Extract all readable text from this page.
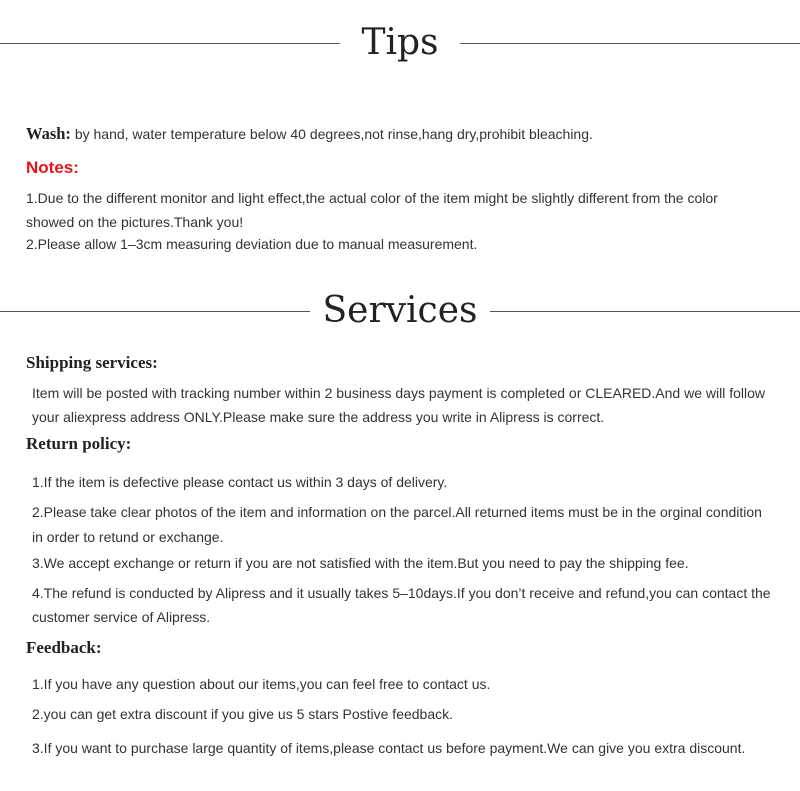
Tips
Wash: by hand, water temperature below 40 degrees,not rinse,hang dry,prohibit bleaching.
Notes:
1.Due to the different monitor and light effect,the actual color of the item might be slightly different from the color
showed on the pictures.Thank you!
2.Please allow 1–3cm measuring deviation due to manual measurement.
Services
Shipping services:
Item will be posted with tracking number within 2 business days payment is completed or CLEARED.And we will follow
your aliexpress address ONLY.Please make sure the address you write in Alipress is correct.
Return policy:
1.If the item is defective please contact us within 3 days of delivery.
2.Please take clear photos of the item and information on the parcel.All returned items must be in the orginal condition
in order to retund or exchange.
3.We accept exchange or return if you are not satisfied with the item.But you need to pay the shipping fee.
4.The refund is conducted by Alipress and it usually takes 5–10days.If you don’t receive and refund,you can contact the
customer service of Alipress.
Feedback:
1.If you have any question about our items,you can feel free to contact us.
2.you can get extra discount if you give us 5 stars Postive feedback.
3.If you want to purchase large quantity of items,please contact us before payment.We can give you extra discount.
